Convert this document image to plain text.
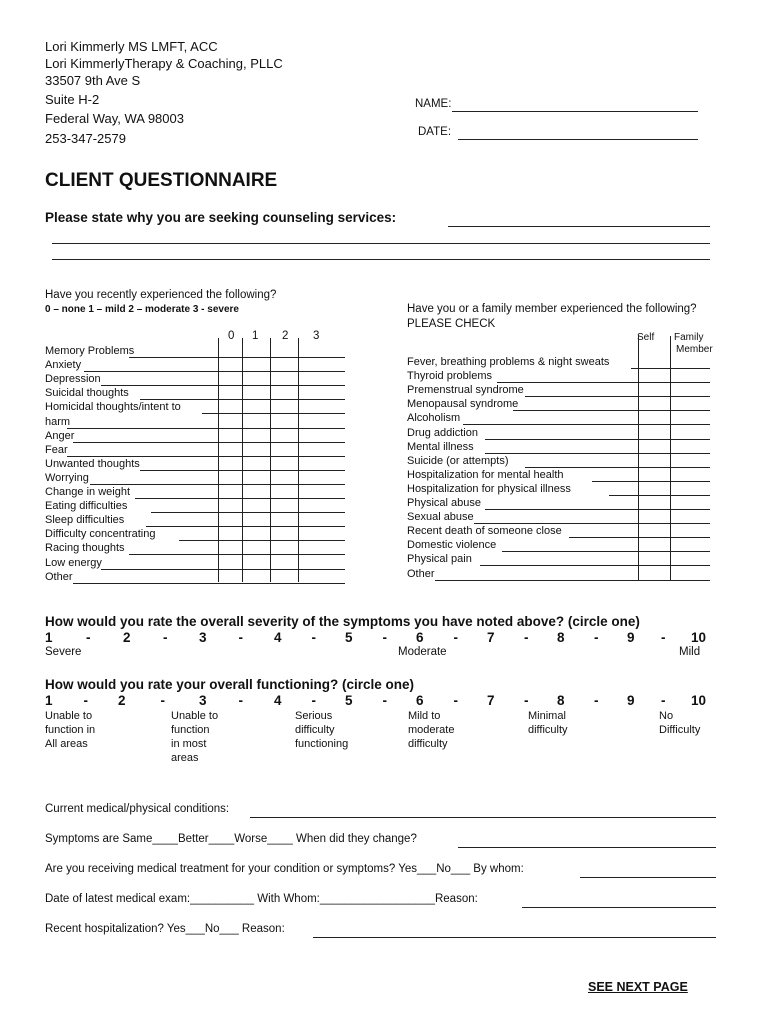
Lori Kimmerly MS LMFT, ACC
Lori KimmerlyTherapy & Coaching, PLLC
33507 9th Ave S
Suite H-2
Federal Way, WA 98003
253-347-2579
NAME:
DATE:
CLIENT QUESTIONNAIRE
Please state why you are seeking counseling services:
Have you recently experienced the following?
0 – none 1 – mild 2 – moderate 3 - severe
0 1 2 3
Memory Problems
Anxiety
Depression
Suicidal thoughts
Homicidal thoughts/intent to
harm
Anger
Fear
Unwanted thoughts
Worrying
Change in weight
Eating difficulties
Sleep difficulties
Difficulty concentrating
Racing thoughts
Low energy
Other
Have you or a family member experienced the following?
PLEASE CHECK
Self Family
Member
Fever, breathing problems & night sweats
Thyroid problems
Premenstrual syndrome
Menopausal syndrome
Alcoholism
Drug addiction
Mental illness
Suicide (or attempts)
Hospitalization for mental health
Hospitalization for physical illness
Physical abuse
Sexual abuse
Recent death of someone close
Domestic violence
Physical pain
Other
How would you rate the overall severity of the symptoms you have noted above? (circle one)
1 - 2 - 3 - 4 - 5 - 6 - 7 - 8 - 9 - 10
Severe	Moderate	Mild
How would you rate your overall functioning? (circle one)
1 - 2	-	3 - 4 - 5 - 6 - 7 - 8 - 9 - 10
Unable to
function in
All areas
Unable to
function
in most
areas
Serious
difficulty
functioning
Mild to
moderate
difficulty
Minimal
difficulty
No
Difficulty
Current medical/physical conditions:
Symptoms are Same____Better____Worse____ When did they change?
Are you receiving medical treatment for your condition or symptoms? Yes___No___ By whom:
Date of latest medical exam:__________ With Whom:__________________Reason:
Recent hospitalization? Yes___No___ Reason:
SEE NEXT PAGE
